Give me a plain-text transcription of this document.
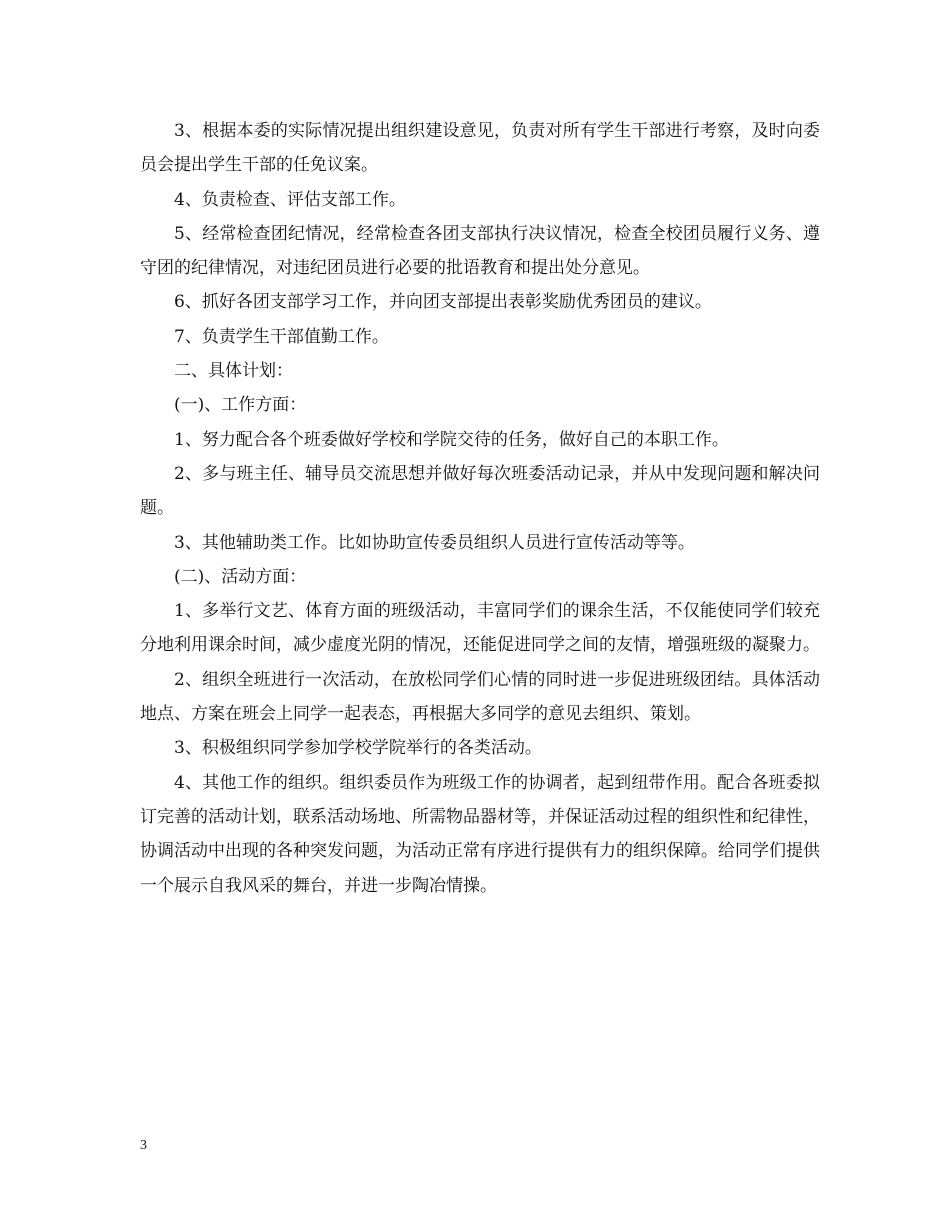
3、根据本委的实际情况提出组织建设意见，负责对所有学生干部进行考察，及时向委员会提出学生干部的任免议案。

4、负责检查、评估支部工作。

5、经常检查团纪情况，经常检查各团支部执行决议情况，检查全校团员履行义务、遵守团的纪律情况，对违纪团员进行必要的批语教育和提出处分意见。

6、抓好各团支部学习工作，并向团支部提出表彰奖励优秀团员的建议。

7、负责学生干部值勤工作。

二、具体计划：

(一)、工作方面：

1、努力配合各个班委做好学校和学院交待的任务，做好自己的本职工作。

2、多与班主任、辅导员交流思想并做好每次班委活动记录，并从中发现问题和解决问题。

3、其他辅助类工作。比如协助宣传委员组织人员进行宣传活动等等。

(二)、活动方面：

1、多举行文艺、体育方面的班级活动，丰富同学们的课余生活，不仅能使同学们较充分地利用课余时间，减少虚度光阴的情况，还能促进同学之间的友情，增强班级的凝聚力。

2、组织全班进行一次活动，在放松同学们心情的同时进一步促进班级团结。具体活动地点、方案在班会上同学一起表态，再根据大多同学的意见去组织、策划。

3、积极组织同学参加学校学院举行的各类活动。

4、其他工作的组织。组织委员作为班级工作的协调者，起到纽带作用。配合各班委拟订完善的活动计划，联系活动场地、所需物品器材等，并保证活动过程的组织性和纪律性，协调活动中出现的各种突发问题，为活动正常有序进行提供有力的组织保障。给同学们提供一个展示自我风采的舞台，并进一步陶冶情操。

3
